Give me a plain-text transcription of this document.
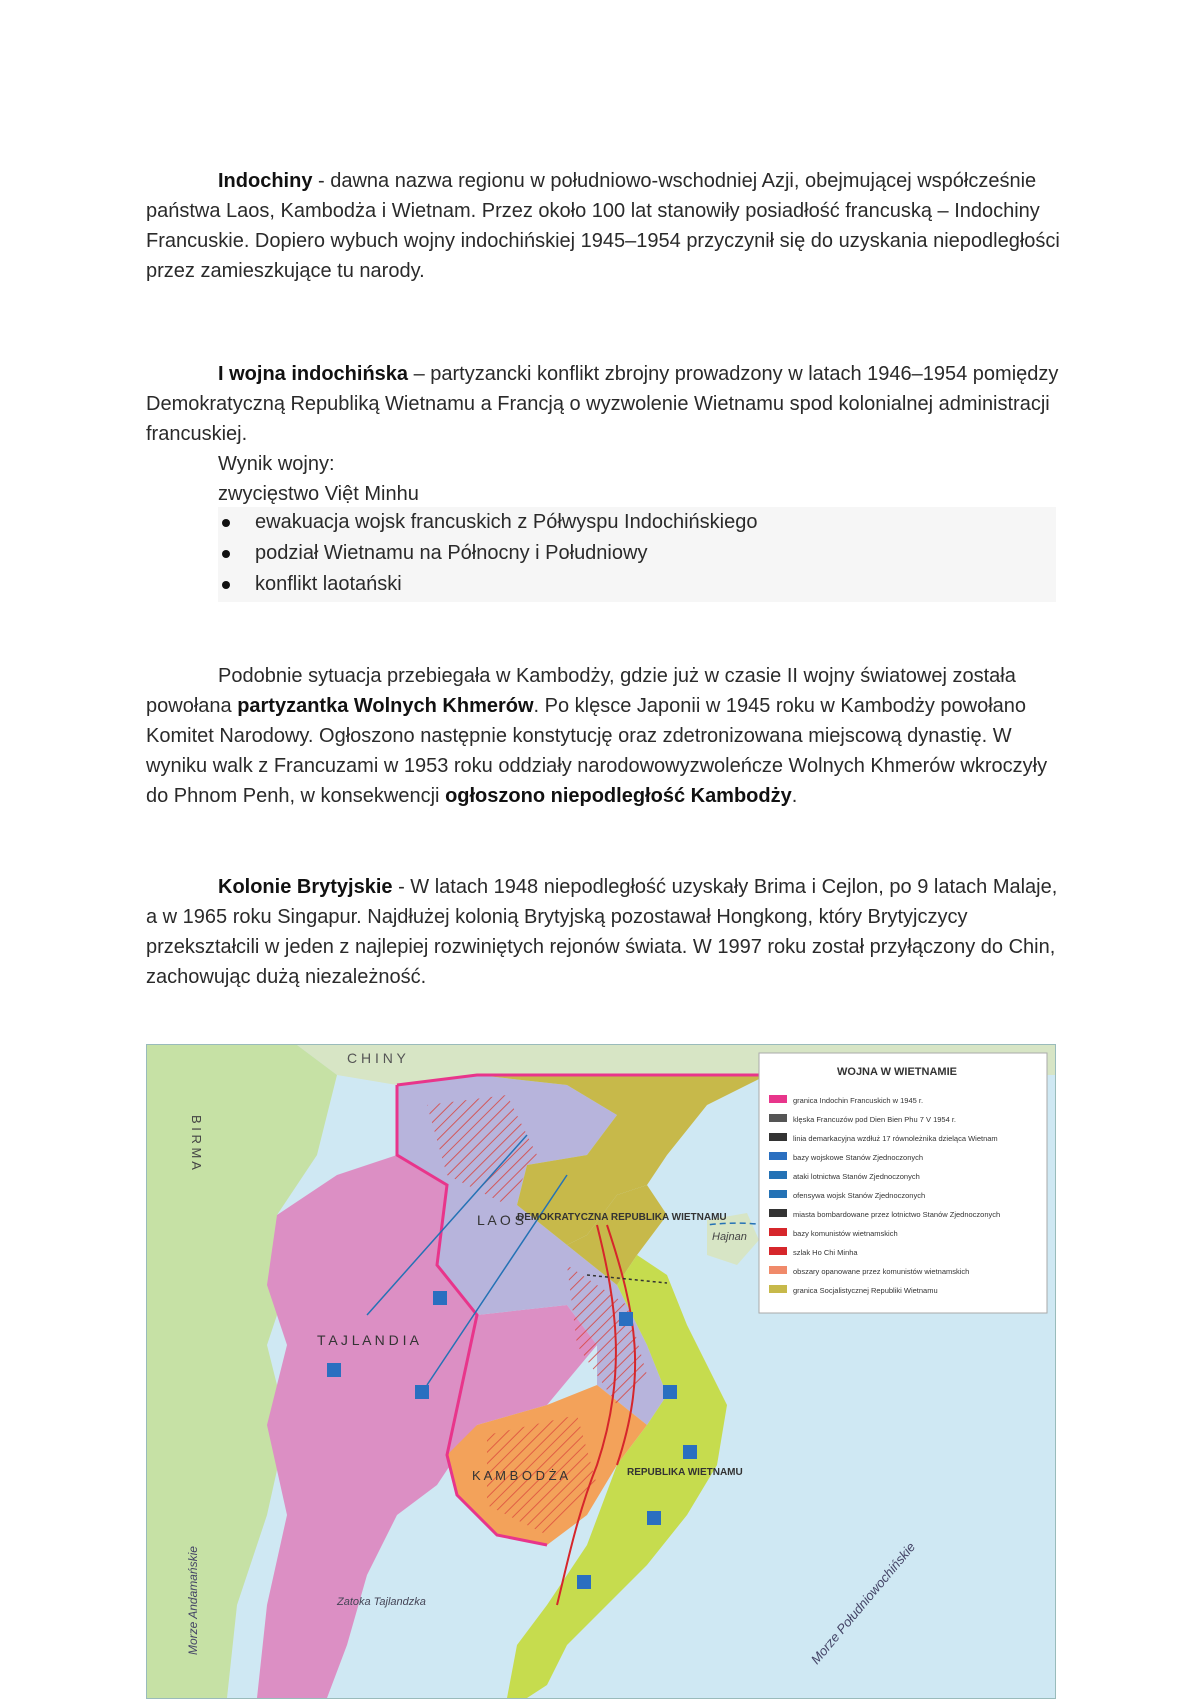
Indochiny - dawna nazwa regionu w południowo-wschodniej Azji, obejmującej współcześnie państwa Laos, Kambodża i Wietnam. Przez około 100 lat stanowiły posiadłość francuską – Indochiny Francuskie. Dopiero wybuch wojny indochińskiej 1945–1954 przyczynił się do uzyskania niepodległości przez zamieszkujące tu narody.

I wojna indochińska – partyzancki konflikt zbrojny prowadzony w latach 1946–1954 pomiędzy Demokratyczną Republiką Wietnamu a Francją o wyzwolenie Wietnamu spod kolonialnej administracji francuskiej.

Wynik wojny:
zwycięstwo Việt Minhu
ewakuacja wojsk francuskich z Półwyspu Indochińskiego
podział Wietnamu na Północny i Południowy
konflikt laotański

Podobnie sytuacja przebiegała w Kambodży, gdzie już w czasie II wojny światowej została powołana partyzantka Wolnych Khmerów. Po klęsce Japonii w 1945 roku w Kambodży powołano Komitet Narodowy. Ogłoszono następnie konstytucję oraz zdetronizowana miejscową dynastię. W wyniku walk z Francuzami w 1953 roku oddziały narodowowyzwoleńcze Wolnych Khmerów wkroczyły do Phnom Penh, w konsekwencji ogłoszono niepodległość Kambodży.

Kolonie Brytyjskie - W latach 1948 niepodległość uzyskały Brima i Cejlon, po 9 latach Malaje, a w 1965 roku Singapur. Najdłużej kolonią Brytyjską pozostawał Hongkong, który Brytyjczycy przekształcili w jeden z najlepiej rozwiniętych rejonów świata. W 1997 roku został przyłączony do Chin, zachowując dużą niezależność.

C H I N Y
T A J L A N D I A
L A O S
K A M B O D Ż A
DEMOKRATYCZNA REPUBLIKA WIETNAMU
REPUBLIKA WIETNAMU
Hajnan
Zatoka Tajlandzka	Morze Południowochińskie
Morze Andamańskie
B I R M A
WOJNA W WIETNAMIE
granica Indochin Francuskich w 1945 r.
klęska Francuzów pod Dien Bien Phu 7 V 1954 r.
linia demarkacyjna wzdłuż 17 równoleżnika dzieląca Wietnam
bazy wojskowe Stanów Zjednoczonych
ataki lotnictwa Stanów Zjednoczonych
ofensywa wojsk Stanów Zjednoczonych
miasta bombardowane przez lotnictwo Stanów Zjednoczonych
bazy komunistów wietnamskich
szlak Ho Chi Minha
obszary opanowane przez komunistów wietnamskich
granica Socjalistycznej Republiki Wietnamu
